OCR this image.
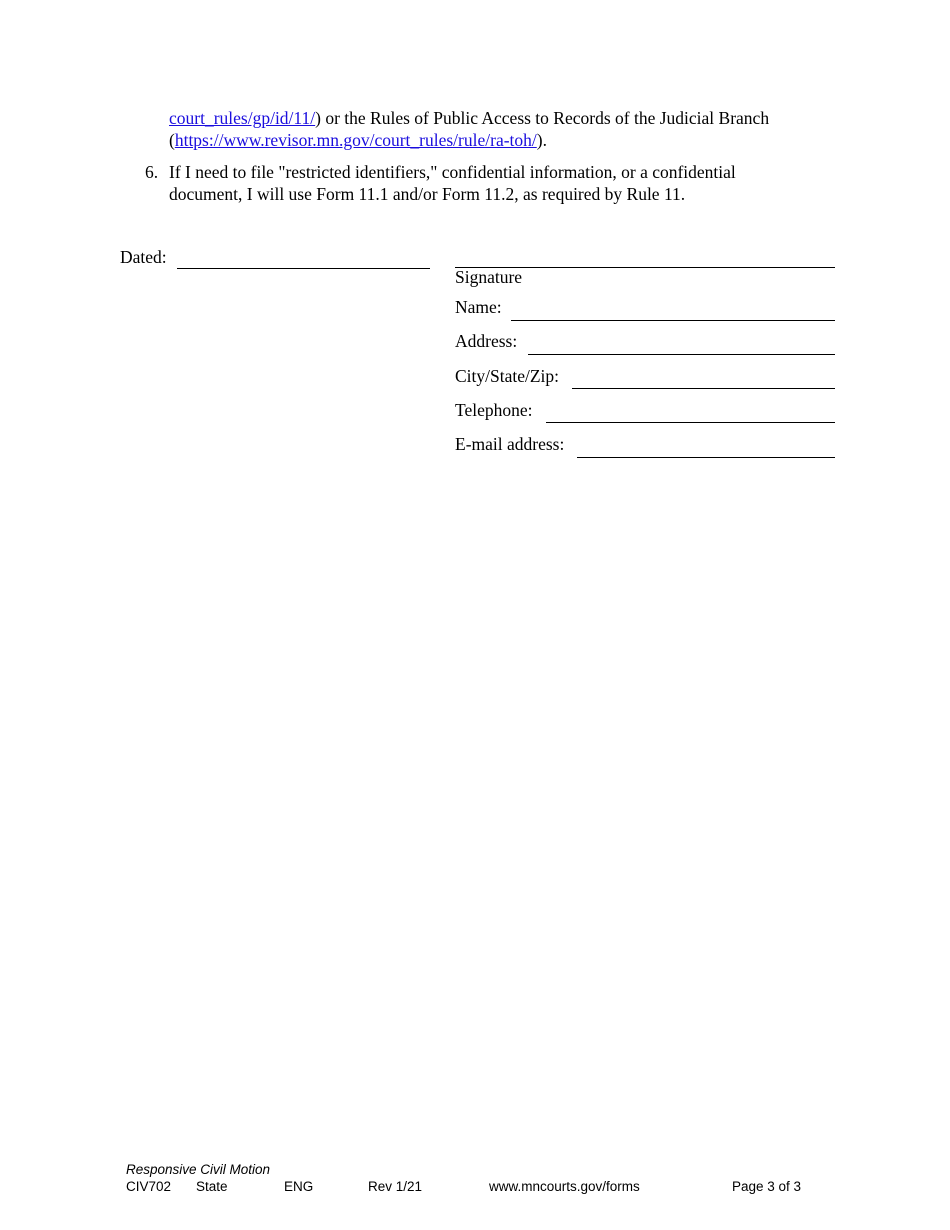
court_rules/gp/id/11/) or the Rules of Public Access to Records of the Judicial Branch
(https://www.revisor.mn.gov/court_rules/rule/ra-toh/).
6. If I need to file "restricted identifiers," confidential information, or a confidential
document, I will use Form 11.1 and/or Form 11.2, as required by Rule 11.
Dated:
Signature
Name:
Address:
City/State/Zip:
Telephone:
E-mail address:
Responsive Civil Motion
CIV702 State	ENG	Rev 1/21	www.mncourts.gov/forms	Page 3 of 3
